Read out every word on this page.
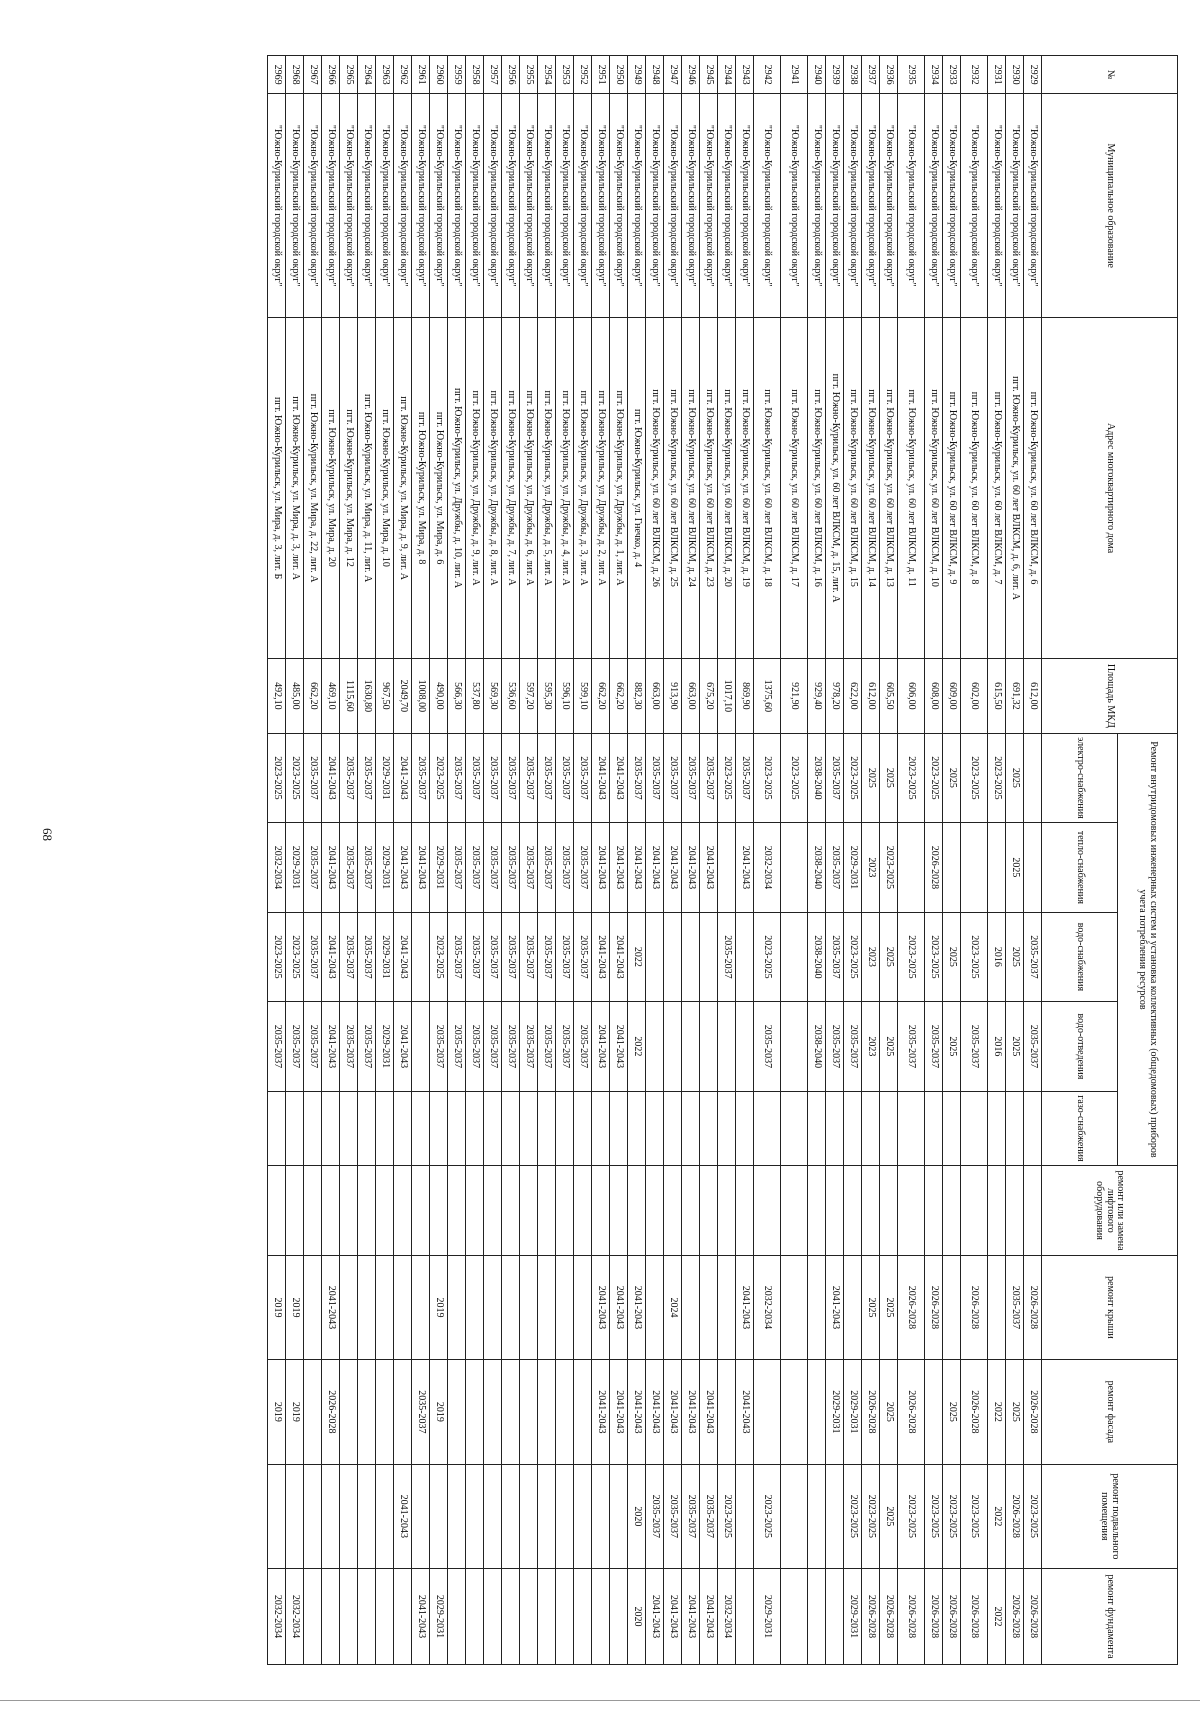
68
№	Муниципальное образование	Адрес многоквартирного дома	Площадь МКД	Ремонт внутридомовых инженерных систем и установка коллективных (общедомовых) приборов учета потребления ресурсов					ремонт или замена лифтового оборудования	ремонт крыши	ремонт фасада	ремонт подвального помещения	ремонт фундамента
				электро-снабжения	тепло-снабжения	водо-снабжения	водо-отведения	газо-снабжения					
2929	"Южно-Курильский городской округ"	пгт. Южно-Курильск, ул. 60 лет ВЛКСМ, д. 6	612,00			2035-2037	2035-2037			2026-2028	2026-2028	2023-2025	2026-2028
2930	"Южно-Курильский городской округ"	пгт. Южно-Курильск, ул. 60 лет ВЛКСМ, д. 6, лит. А	691,32	2025	2025	2025	2025			2035-2037	2025	2026-2028	2026-2028
2931	"Южно-Курильский городской округ"	пгт. Южно-Курильск, ул. 60 лет ВЛКСМ, д. 7	615,50	2023-2025		2016	2016				2022	2022	2022
2932	"Южно-Курильский городской округ"	пгт. Южно-Курильск, ул. 60 лет ВЛКСМ, д. 8	602,00	2023-2025		2023-2025	2035-2037			2026-2028	2026-2028	2023-2025	2026-2028
2933	"Южно-Курильский городской округ"	пгт. Южно-Курильск, ул. 60 лет ВЛКСМ, д. 9	609,00	2025		2025	2025				2025	2023-2025	2026-2028
2934	"Южно-Курильский городской округ"	пгт. Южно-Курильск, ул. 60 лет ВЛКСМ, д. 10	608,00	2023-2025	2026-2028	2023-2025	2035-2037			2026-2028		2023-2025	2026-2028
2935	"Южно-Курильский городской округ"	пгт. Южно-Курильск, ул. 60 лет ВЛКСМ, д. 11	606,00	2023-2025		2023-2025	2035-2037			2026-2028	2026-2028	2023-2025	2026-2028
2936	"Южно-Курильский городской округ"	пгт. Южно-Курильск, ул. 60 лет ВЛКСМ, д. 13	605,50	2025	2023-2025	2025	2025			2025	2025	2025	2026-2028
2937	"Южно-Курильский городской округ"	пгт. Южно-Курильск, ул. 60 лет ВЛКСМ, д. 14	612,00	2025	2023	2023	2023			2025	2026-2028	2023-2025	2026-2028
2938	"Южно-Курильский городской округ"	пгт. Южно-Курильск, ул. 60 лет ВЛКСМ, д. 15	622,00	2023-2025	2029-2031	2023-2025	2035-2037				2029-2031	2023-2025	2029-2031
2939	"Южно-Курильский городской округ"	пгт. Южно-Курильск, ул. 60 лет ВЛКСМ, д. 15, лит. А	978,20	2035-2037	2035-2037	2035-2037	2035-2037			2041-2043	2029-2031		
2940	"Южно-Курильский городской округ"	пгт. Южно-Курильск, ул. 60 лет ВЛКСМ, д. 16	929,40	2038-2040	2038-2040	2038-2040	2038-2040						
2941	"Южно-Курильский городской округ"	пгт. Южно-Курильск, ул. 60 лет ВЛКСМ, д. 17	921,90	2023-2025									
2942	"Южно-Курильский городской округ"	пгт. Южно-Курильск, ул. 60 лет ВЛКСМ, д. 18	1375,60	2023-2025	2032-2034	2023-2025	2035-2037			2032-2034		2023-2025	2029-2031
2943	"Южно-Курильский городской округ"	пгт. Южно-Курильск, ул. 60 лет ВЛКСМ, д. 19	869,90	2035-2037	2041-2043					2041-2043	2041-2043		
2944	"Южно-Курильский городской округ"	пгт. Южно-Курильск, ул. 60 лет ВЛКСМ, д. 20	1017,10	2023-2025		2035-2037						2023-2025	2032-2034
2945	"Южно-Курильский городской округ"	пгт. Южно-Курильск, ул. 60 лет ВЛКСМ, д. 23	675,20	2035-2037	2041-2043						2041-2043	2035-2037	2041-2043
2946	"Южно-Курильский городской округ"	пгт. Южно-Курильск, ул. 60 лет ВЛКСМ, д. 24	663,00	2035-2037	2041-2043						2041-2043	2035-2037	2041-2043
2947	"Южно-Курильский городской округ"	пгт. Южно-Курильск, ул. 60 лет ВЛКСМ, д. 25	913,90	2035-2037	2041-2043					2024	2041-2043	2035-2037	2041-2043
2948	"Южно-Курильский городской округ"	пгт. Южно-Курильск, ул. 60 лет ВЛКСМ, д. 26	663,00	2035-2037	2041-2043						2041-2043	2035-2037	2041-2043
2949	"Южно-Курильский городской округ"	пгт. Южно-Курильск, ул. Гнечко, д. 4	882,30	2035-2037	2041-2043	2022	2022			2041-2043	2041-2043	2020	2020
2950	"Южно-Курильский городской округ"	пгт. Южно-Курильск, ул. Дружбы, д. 1, лит. А	662,20	2041-2043	2041-2043	2041-2043	2041-2043			2041-2043	2041-2043		
2951	"Южно-Курильский городской округ"	пгт. Южно-Курильск, ул. Дружбы, д. 2, лит. А	662,20	2041-2043	2041-2043	2041-2043	2041-2043			2041-2043	2041-2043		
2952	"Южно-Курильский городской округ"	пгт. Южно-Курильск, ул. Дружбы, д. 3, лит. А	599,10	2035-2037	2035-2037	2035-2037	2035-2037						
2953	"Южно-Курильский городской округ"	пгт. Южно-Курильск, ул. Дружбы, д. 4, лит. А	596,10	2035-2037	2035-2037	2035-2037	2035-2037						
2954	"Южно-Курильский городской округ"	пгт. Южно-Курильск, ул. Дружбы, д. 5, лит. А	595,30	2035-2037	2035-2037	2035-2037	2035-2037						
2955	"Южно-Курильский городской округ"	пгт. Южно-Курильск, ул. Дружбы, д. 6, лит. А	597,20	2035-2037	2035-2037	2035-2037	2035-2037						
2956	"Южно-Курильский городской округ"	пгт. Южно-Курильск, ул. Дружбы, д. 7, лит. А	536,60	2035-2037	2035-2037	2035-2037	2035-2037						
2957	"Южно-Курильский городской округ"	пгт. Южно-Курильск, ул. Дружбы, д. 8, лит. А	569,30	2035-2037	2035-2037	2035-2037	2035-2037						
2958	"Южно-Курильский городской округ"	пгт. Южно-Курильск, ул. Дружбы, д. 9, лит. А	537,80	2035-2037	2035-2037	2035-2037	2035-2037						
2959	"Южно-Курильский городской округ"	пгт. Южно-Курильск, ул. Дружбы, д. 10, лит. А	566,30	2035-2037	2035-2037	2035-2037	2035-2037						
2960	"Южно-Курильский городской округ"	пгт. Южно-Курильск, ул. Мира, д. 6	490,00	2023-2025	2029-2031	2023-2025	2035-2037			2019	2019		2029-2031
2961	"Южно-Курильский городской округ"	пгт. Южно-Курильск, ул. Мира, д. 8	1008,00	2035-2037	2041-2043						2035-2037		2041-2043
2962	"Южно-Курильский городской округ"	пгт. Южно-Курильск, ул. Мира, д. 9, лит. А	2049,70	2041-2043	2041-2043	2041-2043	2041-2043					2041-2043	
2963	"Южно-Курильский городской округ"	пгт. Южно-Курильск, ул. Мира, д. 10	967,50	2029-2031	2029-2031	2029-2031	2029-2031						
2964	"Южно-Курильский городской округ"	пгт. Южно-Курильск, ул. Мира, д. 11, лит. А	1630,80	2035-2037	2035-2037	2035-2037	2035-2037						
2965	"Южно-Курильский городской округ"	пгт. Южно-Курильск, ул. Мира, д. 12	1115,60	2035-2037	2035-2037	2035-2037	2035-2037						
2966	"Южно-Курильский городской округ"	пгт. Южно-Курильск, ул. Мира, д. 20	469,10	2041-2043	2041-2043	2041-2043	2041-2043			2041-2043	2026-2028		
2967	"Южно-Курильский городской округ"	пгт. Южно-Курильск, ул. Мира, д. 22, лит. А	662,20	2035-2037	2035-2037	2035-2037	2035-2037						
2968	"Южно-Курильский городской округ"	пгт. Южно-Курильск, ул. Мира, д. 3, лит. А	485,00	2023-2025	2029-2031	2023-2025	2035-2037			2019	2019		2032-2034
2969	"Южно-Курильский городской округ"	пгт. Южно-Курильск, ул. Мира, д. 3, лит. Б	492,10	2023-2025	2032-2034	2023-2025	2035-2037			2019	2019		2032-2034
